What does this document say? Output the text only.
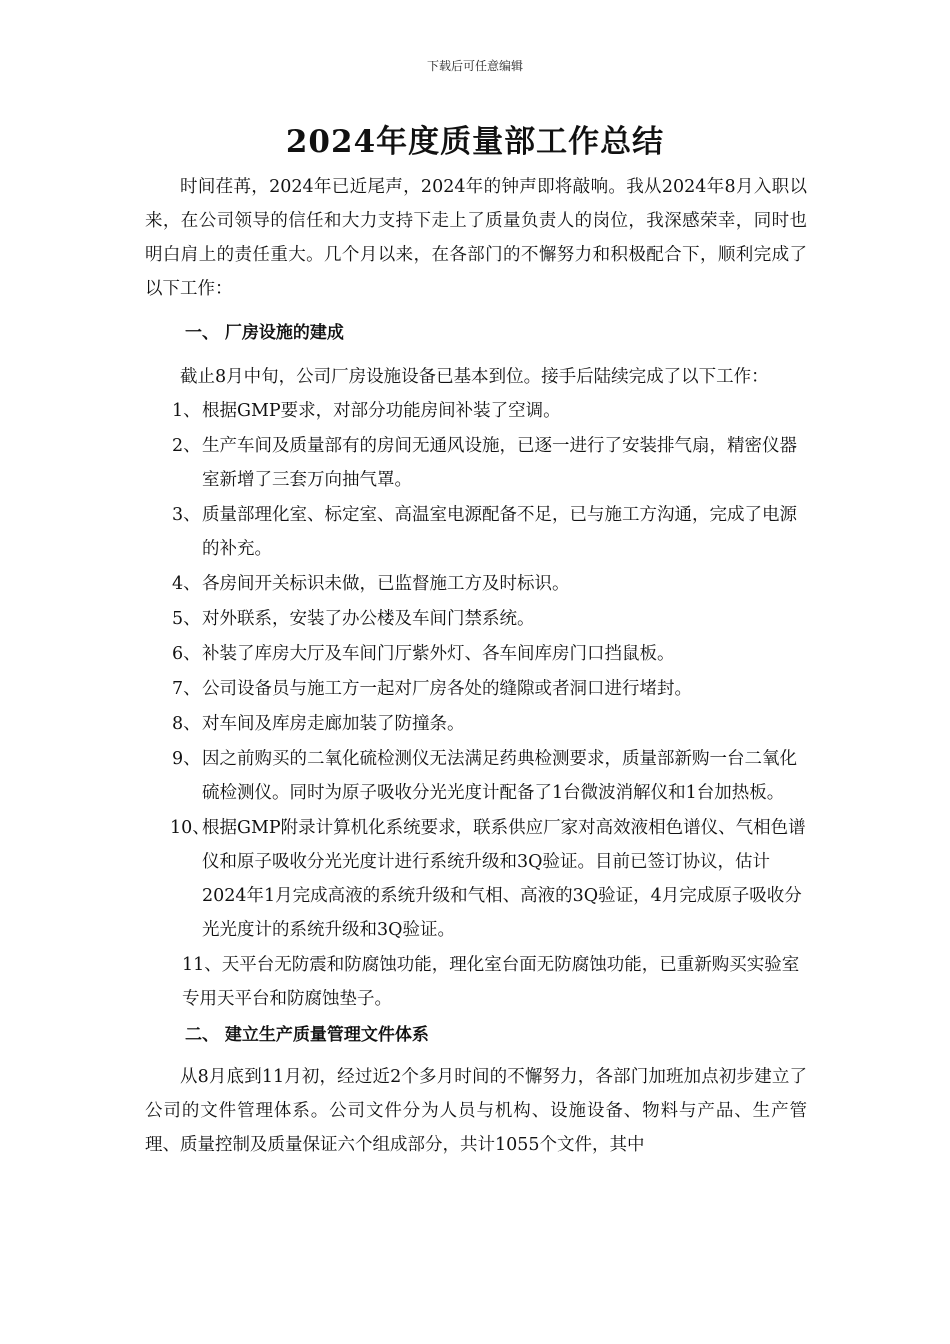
下载后可任意编辑
2024年度质量部工作总结

时间荏苒，2024年已近尾声，2024年的钟声即将敲响。我从2024年8月入职以来，在公司领导的信任和大力支持下走上了质量负责人的岗位，我深感荣幸，同时也明白肩上的责任重大。几个月以来，在各部门的不懈努力和积极配合下，顺利完成了以下工作：

一、 厂房设施的建成

截止8月中旬，公司厂房设施设备已基本到位。接手后陆续完成了以下工作：

1、 根据GMP要求，对部分功能房间补装了空调。
2、 生产车间及质量部有的房间无通风设施，已逐一进行了安装排气扇，精密仪器室新增了三套万向抽气罩。
3、 质量部理化室、标定室、高温室电源配备不足，已与施工方沟通，完成了电源的补充。
4、 各房间开关标识未做，已监督施工方及时标识。
5、 对外联系，安装了办公楼及车间门禁系统。
6、 补装了库房大厅及车间门厅紫外灯、各车间库房门口挡鼠板。
7、 公司设备员与施工方一起对厂房各处的缝隙或者洞口进行堵封。
8、 对车间及库房走廊加装了防撞条。
9、 因之前购买的二氧化硫检测仪无法满足药典检测要求，质量部新购一台二氧化硫检测仪。同时为原子吸收分光光度计配备了1台微波消解仪和1台加热板。
10、
根据GMP附录计算机化系统要求，联系供应厂家对高效液相色谱仪、气相色谱仪和原子吸收分光光度计进行系统升级和3Q验证。目前已签订协议，估计2024年1月完成高液的系统升级和气相、高液的3Q验证，4月完成原子吸收分光光度计的系统升级和3Q验证。
11、天平台无防震和防腐蚀功能，理化室台面无防腐蚀功能，已重新购买实验室专用天平台和防腐蚀垫子。

二、 建立生产质量管理文件体系

从8月底到11月初，经过近2个多月时间的不懈努力，各部门加班加点初步建立了公司的文件管理体系。公司文件分为人员与机构、设施设备、物料与产品、生产管理、质量控制及质量保证六个组成部分，共计1055个文件，其中
